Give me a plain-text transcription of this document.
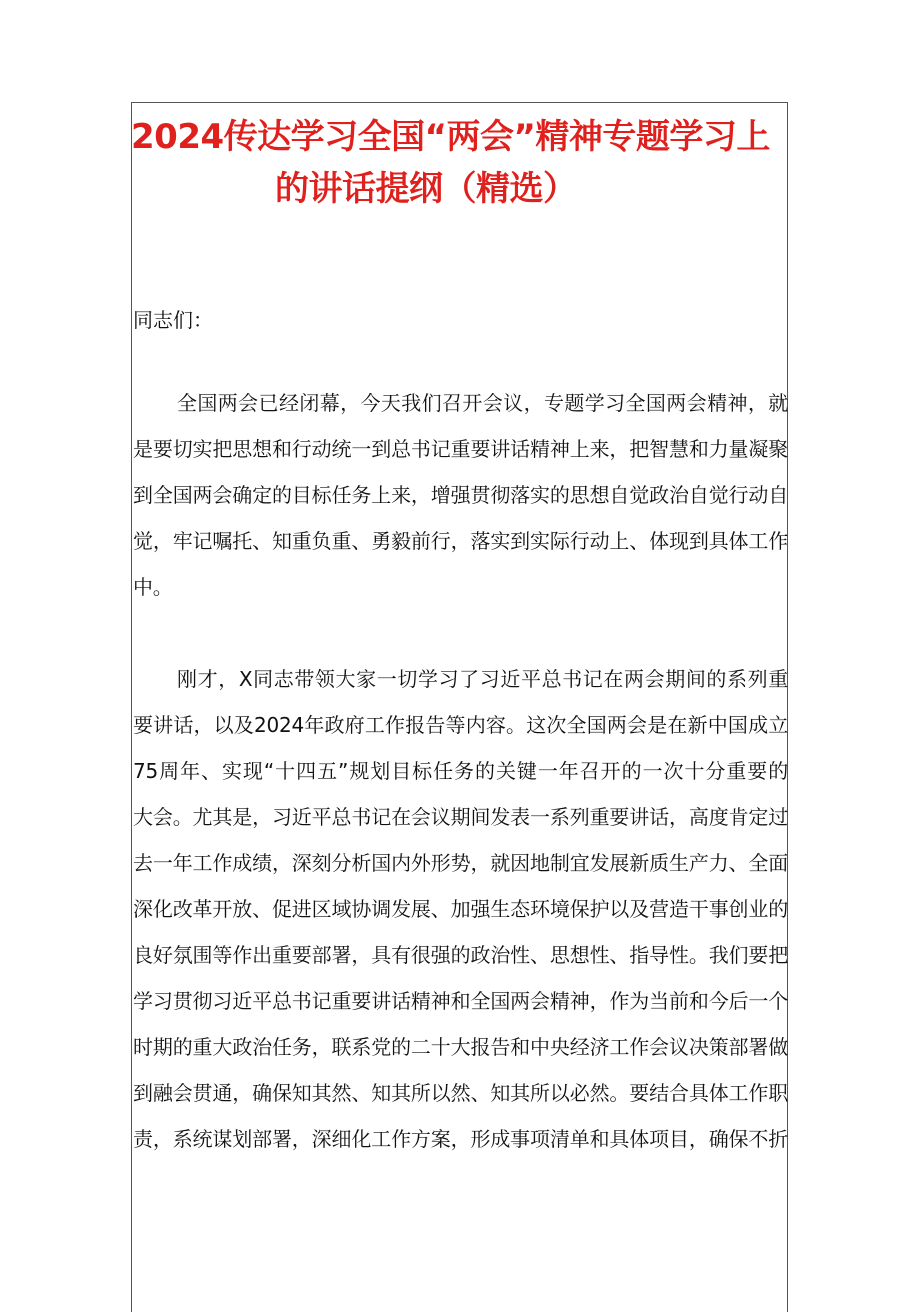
2024传达学习全国“两会”精神专题学习上
的讲话提纲（精选）
同志们：
全国两会已经闭幕，今天我们召开会议，专题学习全国两会精神，就
是要切实把思想和行动统一到总书记重要讲话精神上来，把智慧和力量凝聚
到全国两会确定的目标任务上来，增强贯彻落实的思想自觉政治自觉行动自
觉，牢记嘱托、知重负重、勇毅前行，落实到实际行动上、体现到具体工作
中。
刚才，X同志带领大家一切学习了习近平总书记在两会期间的系列重
要讲话，以及2024年政府工作报告等内容。这次全国两会是在新中国成立
75周年、实现“十四五”规划目标任务的关键一年召开的一次十分重要的
大会。尤其是，习近平总书记在会议期间发表一系列重要讲话，高度肯定过
去一年工作成绩，深刻分析国内外形势，就因地制宜发展新质生产力、全面
深化改革开放、促进区域协调发展、加强生态环境保护以及营造干事创业的
良好氛围等作出重要部署，具有很强的政治性、思想性、指导性。我们要把
学习贯彻习近平总书记重要讲话精神和全国两会精神，作为当前和今后一个
时期的重大政治任务，联系党的二十大报告和中央经济工作会议决策部署做
到融会贯通，确保知其然、知其所以然、知其所以必然。要结合具体工作职
责，系统谋划部署，深细化工作方案，形成事项清单和具体项目，确保不折
